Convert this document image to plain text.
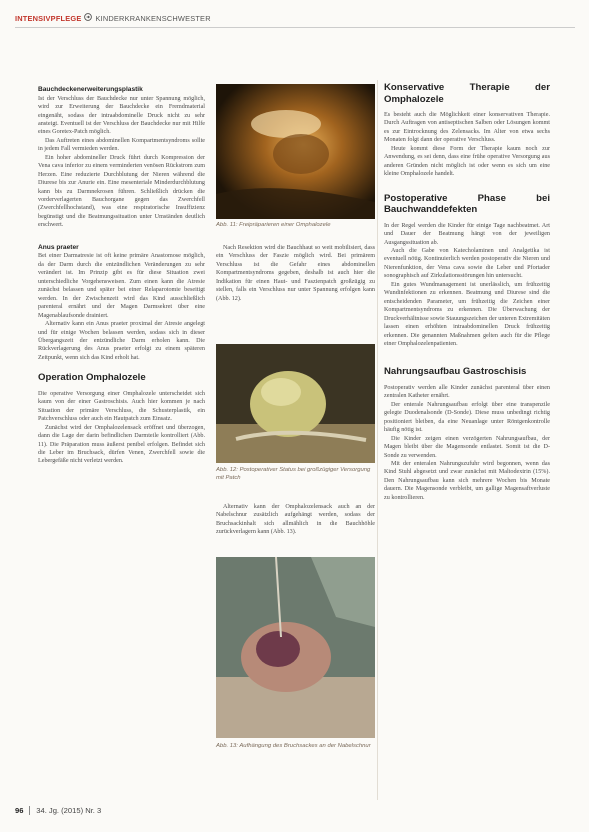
INTENSIVPFLEGE KINDERKRANKENSCHWESTER
Bauchdeckenerweiterungsplastik

Ist der Verschluss der Bauchdecke nur unter Spannung möglich, wird zur Erweiterung der Bauchdecke ein Fremdmaterial eingenäht, sodass der intraabdominelle Druck nicht zu sehr ansteigt. Eventuell ist der Verschluss der Bauchdecke nur mit Hilfe eines Goretex-Patch möglich.

Das Auftreten eines abdominellen Kompartmentsyndroms sollte in jedem Fall vermieden werden.

Ein hoher abdomineller Druck führt durch Kompression der Vena cava inferior zu einem verminderten venösen Rückstrom zum Herzen. Eine reduzierte Durchblutung der Nieren während die Diurese bis zur Anurie ein. Eine mesenteriale Minderdurchblutung kann bis zu Darmnekrosen führen. Schließlich drücken die vorderverlagerten Bauchorgane gegen das Zwerchfell (Zwerchfellhochstand), was eine respiratorische Insuffizienz begünstigt und die Beatmungssituation unter Umständen deutlich erschwert.

Anus praeter

Bei einer Darmatresie ist oft keine primäre Anastomose möglich, da der Darm durch die entzündlichen Veränderungen zu sehr verändert ist. Im Prinzip gibt es für diese Situation zwei unterschiedliche Vorgehensweisen. Zum einen kann die Atresie zunächst belassen und später bei einer Relaparotomie beseitigt werden. In der Zwischenzeit wird das Kind ausschließlich parenteral ernährt und der Magen Darmsekret über eine Magenablaufsonde drainiert.

Alternativ kann ein Anus praeter proximal der Atresie angelegt und für einige Wochen belassen werden, sodass sich in dieser Übergangszeit der entzündliche Darm erholen kann. Die Rückverlagerung des Anus praeter erfolgt zu einem späteren Zeitpunkt, wenn sich das Kind erholt hat.

Operation Omphalozele

Die operative Versorgung einer Omphalozele unterscheidet sich kaum von der einer Gastroschisis. Auch hier kommen je nach Situation der primäre Verschluss, die Schusterplastik, ein Patchverschluss oder auch ein Hautpatch zum Einsatz.

Zunächst wird der Omphalozelensack eröffnet und überzogen, dann die Lage der darin befindlichen Darmteile kontrolliert (Abb. 11). Die Präparation muss äußerst penibel erfolgen. Befindet sich die Leber im Bruchsack, dürfen Venen, Zwerchfell sowie die Lebergefäße nicht verletzt werden.

Abb. 11: Freipräparieren einer Omphalozele

Nach Resektion wird die Bauchhaut so weit mobilisiert, dass ein Verschluss der Faszie möglich wird. Bei primärem Verschluss ist die Gefahr eines abdominellen Kompartmentsyndroms gegeben, deshalb ist auch hier die Indikation für einen Haut- und Faszienpatch großzügig zu stellen, falls ein Verschluss nur unter Spannung erfolgen kann (Abb. 12).

Abb. 12: Postoperativer Status bei großzügiger Versorgung mit Patch

Alternativ kann der Omphalozelensack auch an der Nabelschnur zusätzlich aufgehängt werden, sodass der Bruchsackinhalt sich allmählich in die Bauchhöhle zurückverlagern kann (Abb. 13).

Abb. 13: Aufhängung des Bruchsackes an der Nabelschnur
Konservative Therapie der Omphalozele

Es besteht auch die Möglichkeit einer konservativen Therapie. Durch Auftragen von antiseptischen Salben oder Lösungen kommt es zur Eintrocknung des Zelensacks. Im Alter von etwa sechs Monaten folgt dann der operative Verschluss.

Heute kommt diese Form der Therapie kaum noch zur Anwendung, es sei denn, dass eine frühe operative Versorgung aus anderen Gründen nicht möglich ist oder wenn es sich um eine kleine Omphalozele handelt.

Postoperative Phase bei Bauchwanddefekten

In der Regel werden die Kinder für einige Tage nachbeatmet. Art und Dauer der Beatmung hängt von der jeweiligen Ausgangssituation ab.

Auch die Gabe von Katecholaminen und Analgetika ist eventuell nötig. Kontinuierlich werden postoperativ die Nieren und Nierenfunktion, der Vena cava sowie die Leber und Pfortader sonographisch auf Zirkulationsstörungen hin untersucht.

Ein gutes Wundmanagement ist unerlässlich, um frühzeitig Wundinfektionen zu erkennen. Beatmung und Diurese sind die entscheidenden Parameter, um frühzeitig die Zeichen einer Kompartmentsyndroms zu erkennen. Die Überwachung der Druckverhältnisse sowie Stauungszeichen der unteren Extremitäten lassen einen erhöhten intraabdominellen Druck frühzeitig erkennen. Die genannten Maßnahmen gelten auch für die Pflege einer Omphalozelenpatienten.

Nahrungsaufbau Gastroschisis

Postoperativ werden alle Kinder zunächst parenteral über einen zentralen Katheter ernährt.

Der enterale Nahrungsaufbau erfolgt über eine transpenzile gelegte Duodenalsonde (D-Sonde). Diese muss unbedingt richtig positioniert bleiben, da eine Neuanlage unter Röntgenkontrolle häufig nötig ist.

Die Kinder zeigen einen verzögerten Nahrungsaufbau, der Magen bleibt über die Magensonde entlastet. Somit ist die D-Sonde zu verwenden.

Mit der enteralen Nahrungszufuhr wird begonnen, wenn das Kind Stuhl abgesetzt und zwar zunächst mit Maltodextrin (15%). Den Nahrungsaufbau kann sich mehrere Wochen bis Monate dauern. Die Magensonde verbleibt, um gallige Magensaftverluste zu kontrollieren.

96 34. Jg. (2015) Nr. 3
